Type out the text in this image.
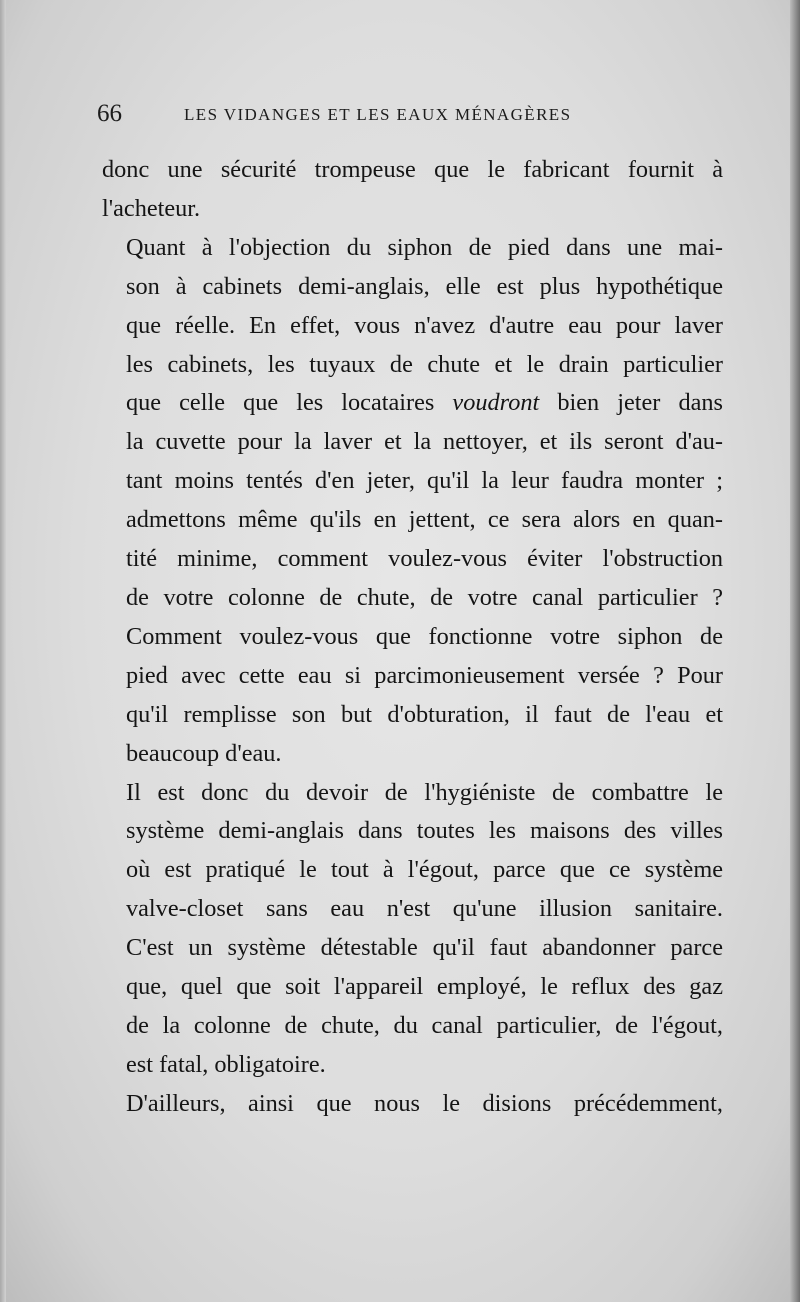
66	LES VIDANGES ET LES EAUX MÉNAGÈRES

donc une sécurité trompeuse que le fabricant fournit à
l'acheteur.

Quant à l'objection du siphon de pied dans une mai-
son à cabinets demi-anglais, elle est plus hypothétique
que réelle. En effet, vous n'avez d'autre eau pour laver
les cabinets, les tuyaux de chute et le drain particulier
que celle que les locataires voudront bien jeter dans
la cuvette pour la laver et la nettoyer, et ils seront d'au-
tant moins tentés d'en jeter, qu'il la leur faudra monter ;
admettons même qu'ils en jettent, ce sera alors en quan-
tité minime, comment voulez-vous éviter l'obstruction
de votre colonne de chute, de votre canal particulier ?
Comment voulez-vous que fonctionne votre siphon de
pied avec cette eau si parcimonieusement versée ? Pour
qu'il remplisse son but d'obturation, il faut de l'eau et
beaucoup d'eau.

Il est donc du devoir de l'hygiéniste de combattre le
système demi-anglais dans toutes les maisons des villes
où est pratiqué le tout à l'égout, parce que ce système
valve-closet sans eau n'est qu'une illusion sanitaire.
C'est un système détestable qu'il faut abandonner parce
que, quel que soit l'appareil employé, le reflux des gaz
de la colonne de chute, du canal particulier, de l'égout,
est fatal, obligatoire.

D'ailleurs, ainsi que nous le disions précédemment,
